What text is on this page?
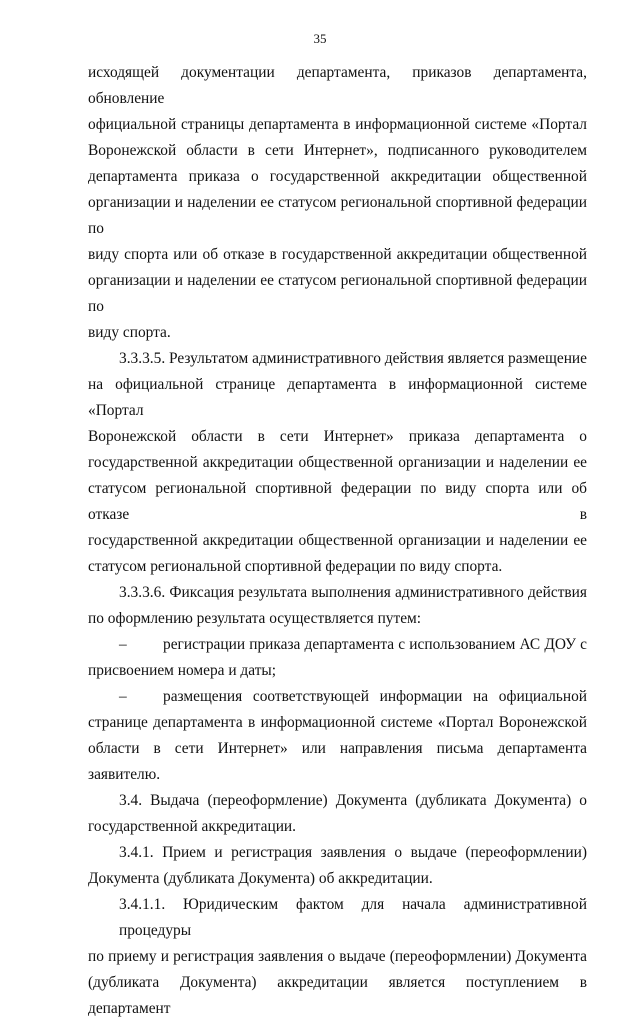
35
исходящей документации департамента, приказов департамента, обновление
официальной страницы департамента в информационной системе «Портал
Воронежской области в сети Интернет», подписанного руководителем
департамента приказа о государственной аккредитации общественной
организации и наделении ее статусом региональной спортивной федерации по
виду спорта или об отказе в государственной аккредитации общественной
организации и наделении ее статусом региональной спортивной федерации по
виду спорта.
3.3.3.5. Результатом административного действия является размещение
на официальной странице департамента в информационной системе «Портал
Воронежской области в сети Интернет» приказа департамента о
государственной аккредитации общественной организации и наделении ее
статусом региональной спортивной федерации по виду спорта или об отказе в
государственной аккредитации общественной организации и наделении ее
статусом региональной спортивной федерации по виду спорта.
3.3.3.6. Фиксация результата выполнения административного действия
по оформлению результата осуществляется путем:
–	регистрации приказа департамента с использованием АС ДОУ с
присвоением номера и даты;
–	размещения соответствующей информации на официальной
странице департамента в информационной системе «Портал Воронежской
области в сети Интернет» или направления письма департамента заявителю.
3.4. Выдача (переоформление) Документа (дубликата Документа) о
государственной аккредитации.
3.4.1. Прием и регистрация заявления о выдаче (переоформлении)
Документа (дубликата Документа) об аккредитации.
3.4.1.1. Юридическим фактом для начала административной процедуры
по приему и регистрация заявления о выдаче (переоформлении) Документа
(дубликата Документа) аккредитации является поступлением в департамент
